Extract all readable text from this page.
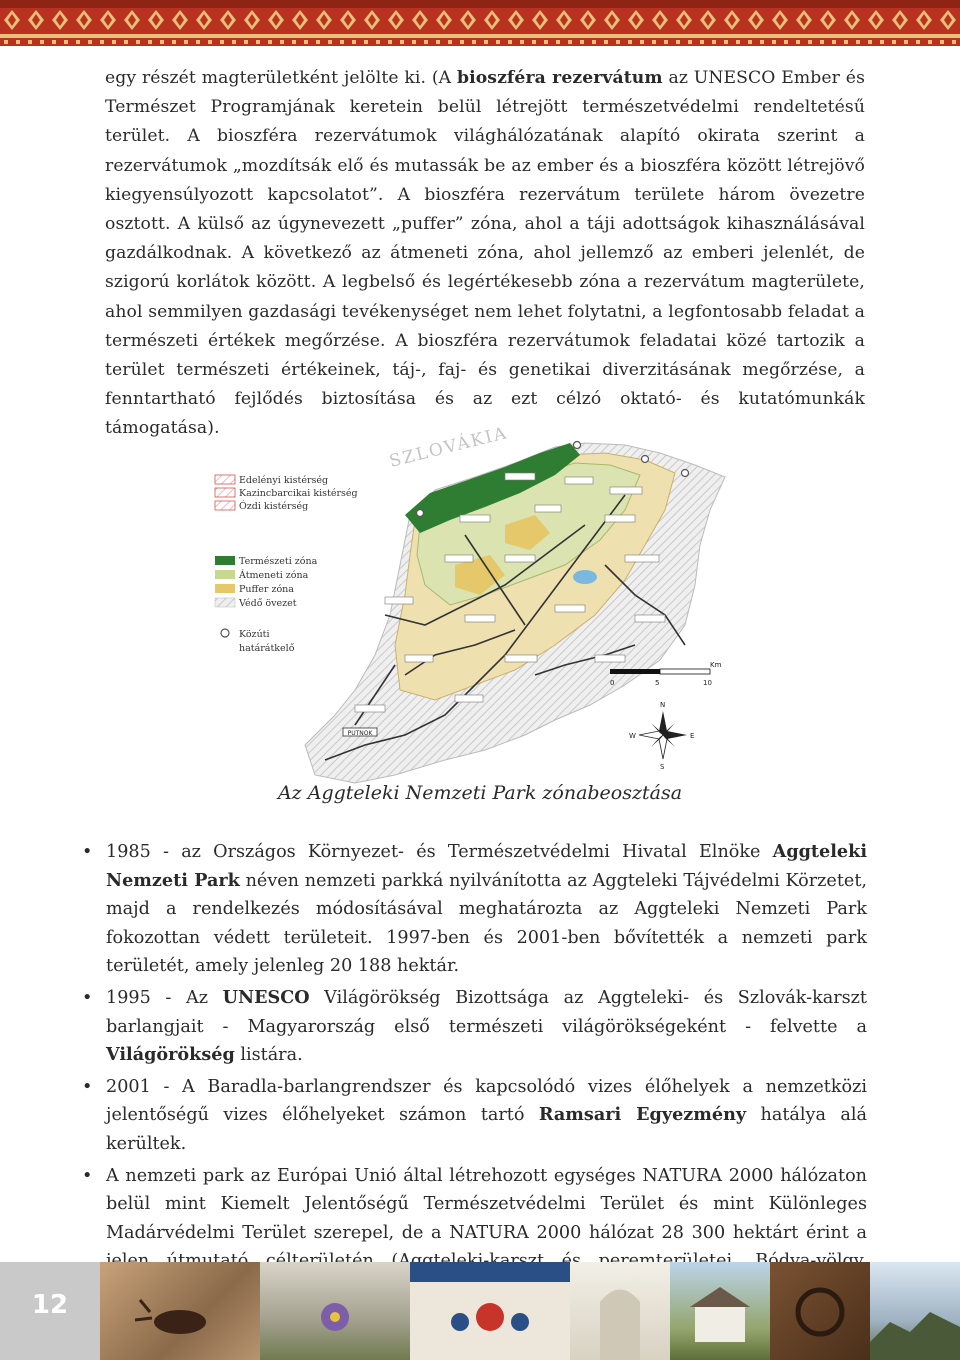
egy részét magterületként jelölte ki. (A bioszféra rezervátum az UNESCO Ember és Természet Programjának keretein belül létrejött természetvédelmi rendeltetésű terület. A bioszféra rezervátumok világhálózatának alapító okirata szerint a rezervátumok „mozdítsák elő és mutassák be az ember és a bioszféra között létrejövő kiegyensúlyozott kapcsolatot”. A bioszféra rezervátum területe három övezetre osztott. A külső az úgynevezett „puffer” zóna, ahol a táji adottságok kihasználásával gazdálkodnak. A következő az átmeneti zóna, ahol jellemző az emberi jelenlét, de szigorú korlátok között. A legbelső és legértékesebb zóna a rezervátum magterülete, ahol semmilyen gazdasági tevékenységet nem lehet folytatni, a legfontosabb feladat a természeti értékek megőrzése. A bioszféra rezervátumok feladatai közé tartozik a terület természeti értékeinek, táj-, faj- és genetikai diverzitásának megőrzése, a fenntartható fejlődés biztosítása és az ezt célzó oktató- és kutatómunkák támogatása).
PUTNOK
SZLOVÁKIA
Edelényi kistérség
Kazincbarcikai kistérség
Ózdi kistérség
Természeti zóna
Átmeneti zóna
Puffer zóna
Védő övezet
Közúti
határátkelő
0	5	10
Km
N
S
E
W
Az Aggteleki Nemzeti Park zónabeosztása
• 1985 - az Országos Környezet- és Természetvédelmi Hivatal Elnöke Aggteleki Nemzeti Park néven nemzeti parkká nyilvánította az Aggteleki Tájvédelmi Körzetet, majd a rendelkezés módosításával meghatározta az Aggteleki Nemzeti Park fokozottan védett területeit. 1997-ben és 2001-ben bővítették a nemzeti park területét, amely jelenleg 20 188 hektár.
• 1995 - Az UNESCO Világörökség Bizottsága az Aggteleki- és Szlovák-karszt barlangjait - Magyarország első természeti világörökségeként - felvette a Világörökség listára.
• 2001 - A Baradla-barlangrendszer és kapcsolódó vizes élőhelyek a nemzetközi jelentőségű vizes élőhelyeket számon tartó Ramsari Egyezmény hatálya alá kerültek.
• A nemzeti park az Európai Unió által létrehozott egységes NATURA 2000 hálózaton belül mint Kiemelt Jelentőségű Természetvédelmi Terület és mint Különleges Madárvédelmi Terület szerepel, de a NATURA 2000 hálózat 28 300 hektárt érint a
12
